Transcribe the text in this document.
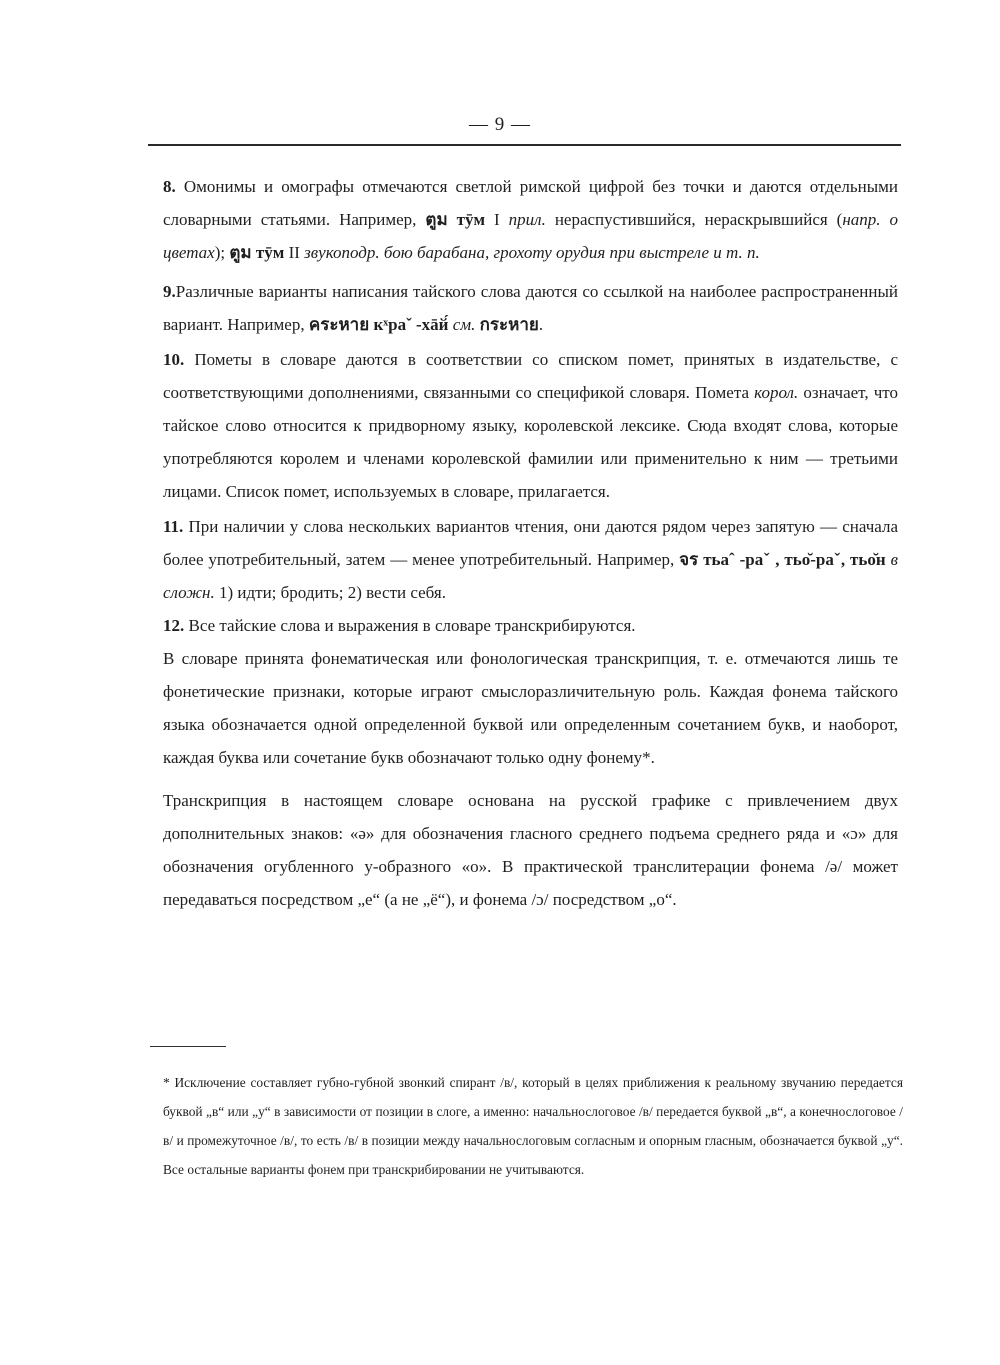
— 9 —

8. Омонимы и омографы отмечаются светлой римской цифрой без точки и даются отдельными словарными статьями. Например, ตูม тӯм I прил. нераспустившийся, нераскрывшийся (напр. о цветах); ตูม тӯм II звукоподр. бою барабана, грохоту орудия при выстреле и т. п.

9.Различные варианты написания тайского слова даются со ссылкой на наиболее распространенный вариант. Например, คระหาย кˣраˇ -хāй́ см. กระหาย.

10. Пометы в словаре даются в соответствии со списком помет, принятых в издательстве, с соответствующими дополнениями, связанными со спецификой словаря. Помета корол. означает, что тайское слово относится к придворному языку, королевской лексике. Сюда входят слова, которые употребляются королем и членами королевской фамилии или применительно к ним — третьими лицами. Список помет, используемых в словаре, прилагается.

11. При наличии у слова нескольких вариантов чтения, они даются рядом через запятую — сначала более употребительный, затем — менее употребительный. Например, จร тьаˆ -раˇ , тьо̆-раˇ, тьо̆н в сложн. 1) идти; бродить; 2) вести себя.

12. Все тайские слова и выражения в словаре транскрибируются.

В словаре принята фонематическая или фонологическая транскрипция, т. е. отмечаются лишь те фонетические признаки, которые играют смыслоразличительную роль. Каждая фонема тайского языка обозначается одной определенной буквой или определенным сочетанием букв, и наоборот, каждая буква или сочетание букв обозначают только одну фонему*.

Транскрипция в настоящем словаре основана на русской графике с привлечением двух дополнительных знаков: «ə» для обозначения гласного среднего подъема среднего ряда и «ɔ» для обозначения огубленного у-образного «о». В практической транслитерации фонема /ə/ может передаваться посредством „е“ (а не „ё“), и фонема /ɔ/ посредством „о“.

* Исключение составляет губно-губной звонкий спирант /в/, который в целях приближения к реальному звучанию передается буквой „в“ или „у“ в зависимости от позиции в слоге, а именно: начальнослоговое /в/ передается буквой „в“, а конечнослоговое /в/ и промежуточное /в/, то есть /в/ в позиции между начальнослоговым согласным и опорным гласным, обозначается буквой „у“. Все остальные варианты фонем при транскрибировании не учитываются.
